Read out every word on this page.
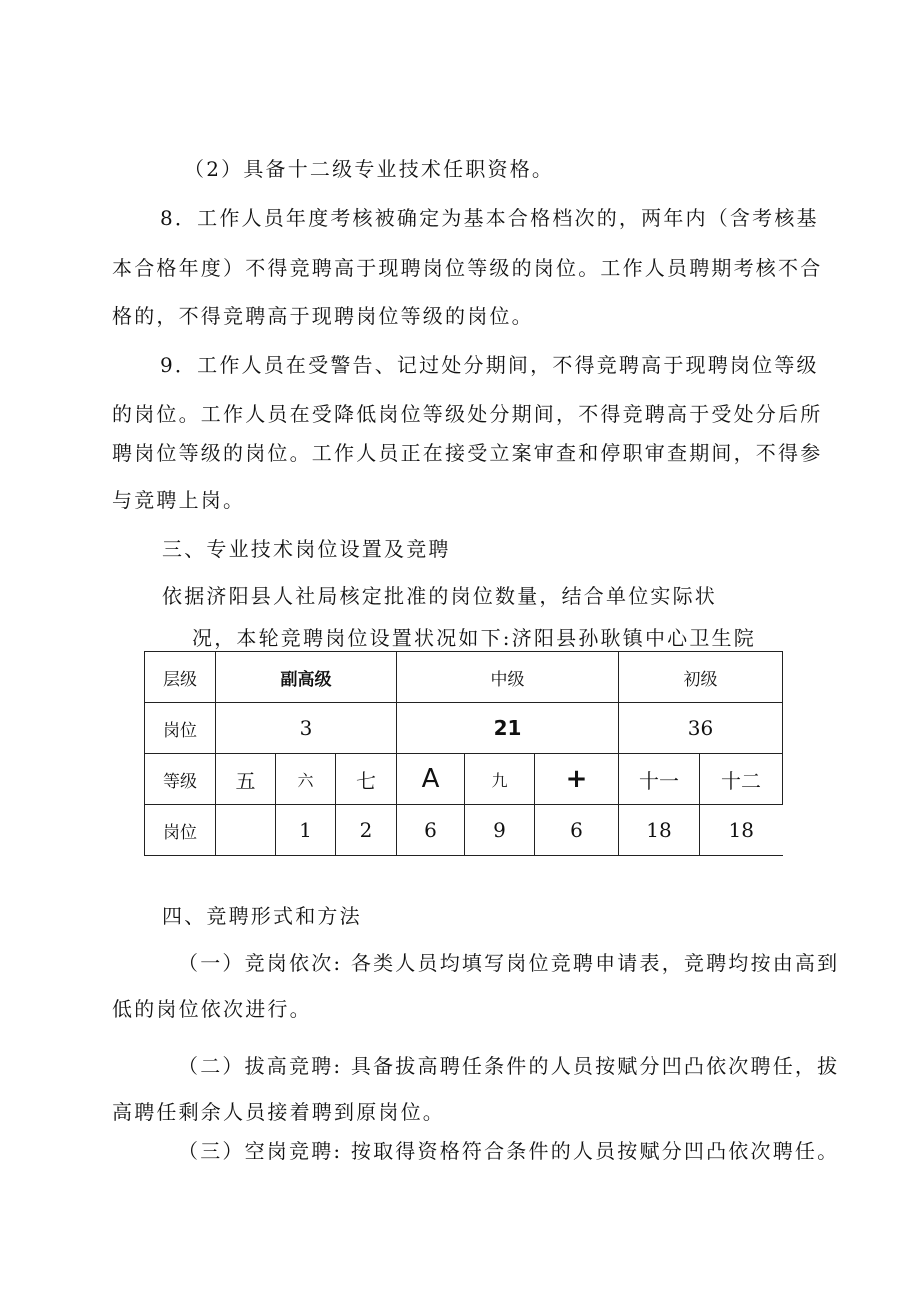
（2）具备十二级专业技术任职资格。
8．工作人员年度考核被确定为基本合格档次的，两年内（含考核基
本合格年度）不得竞聘高于现聘岗位等级的岗位。工作人员聘期考核不合
格的，不得竞聘高于现聘岗位等级的岗位。
9．工作人员在受警告、记过处分期间，不得竞聘高于现聘岗位等级
的岗位。工作人员在受降低岗位等级处分期间，不得竞聘高于受处分后所
聘岗位等级的岗位。工作人员正在接受立案审查和停职审查期间，不得参
与竞聘上岗。
三、专业技术岗位设置及竞聘
依据济阳县人社局核定批准的岗位数量，结合单位实际状
况，本轮竞聘岗位设置状况如下:济阳县孙耿镇中心卫生院
层级	副高级			中级			初级	
岗位	3			21			36	
等级	五	六	七	A	九	+	十一	十二
岗位		1	2	6	9	6	18	18
四、竞聘形式和方法
（一）竞岗依次: 各类人员均填写岗位竞聘申请表，竞聘均按由高到
低的岗位依次进行。
（二）拔高竞聘: 具备拔高聘任条件的人员按赋分凹凸依次聘任，拔
高聘任剩余人员接着聘到原岗位。
（三）空岗竞聘: 按取得资格符合条件的人员按赋分凹凸依次聘任。
